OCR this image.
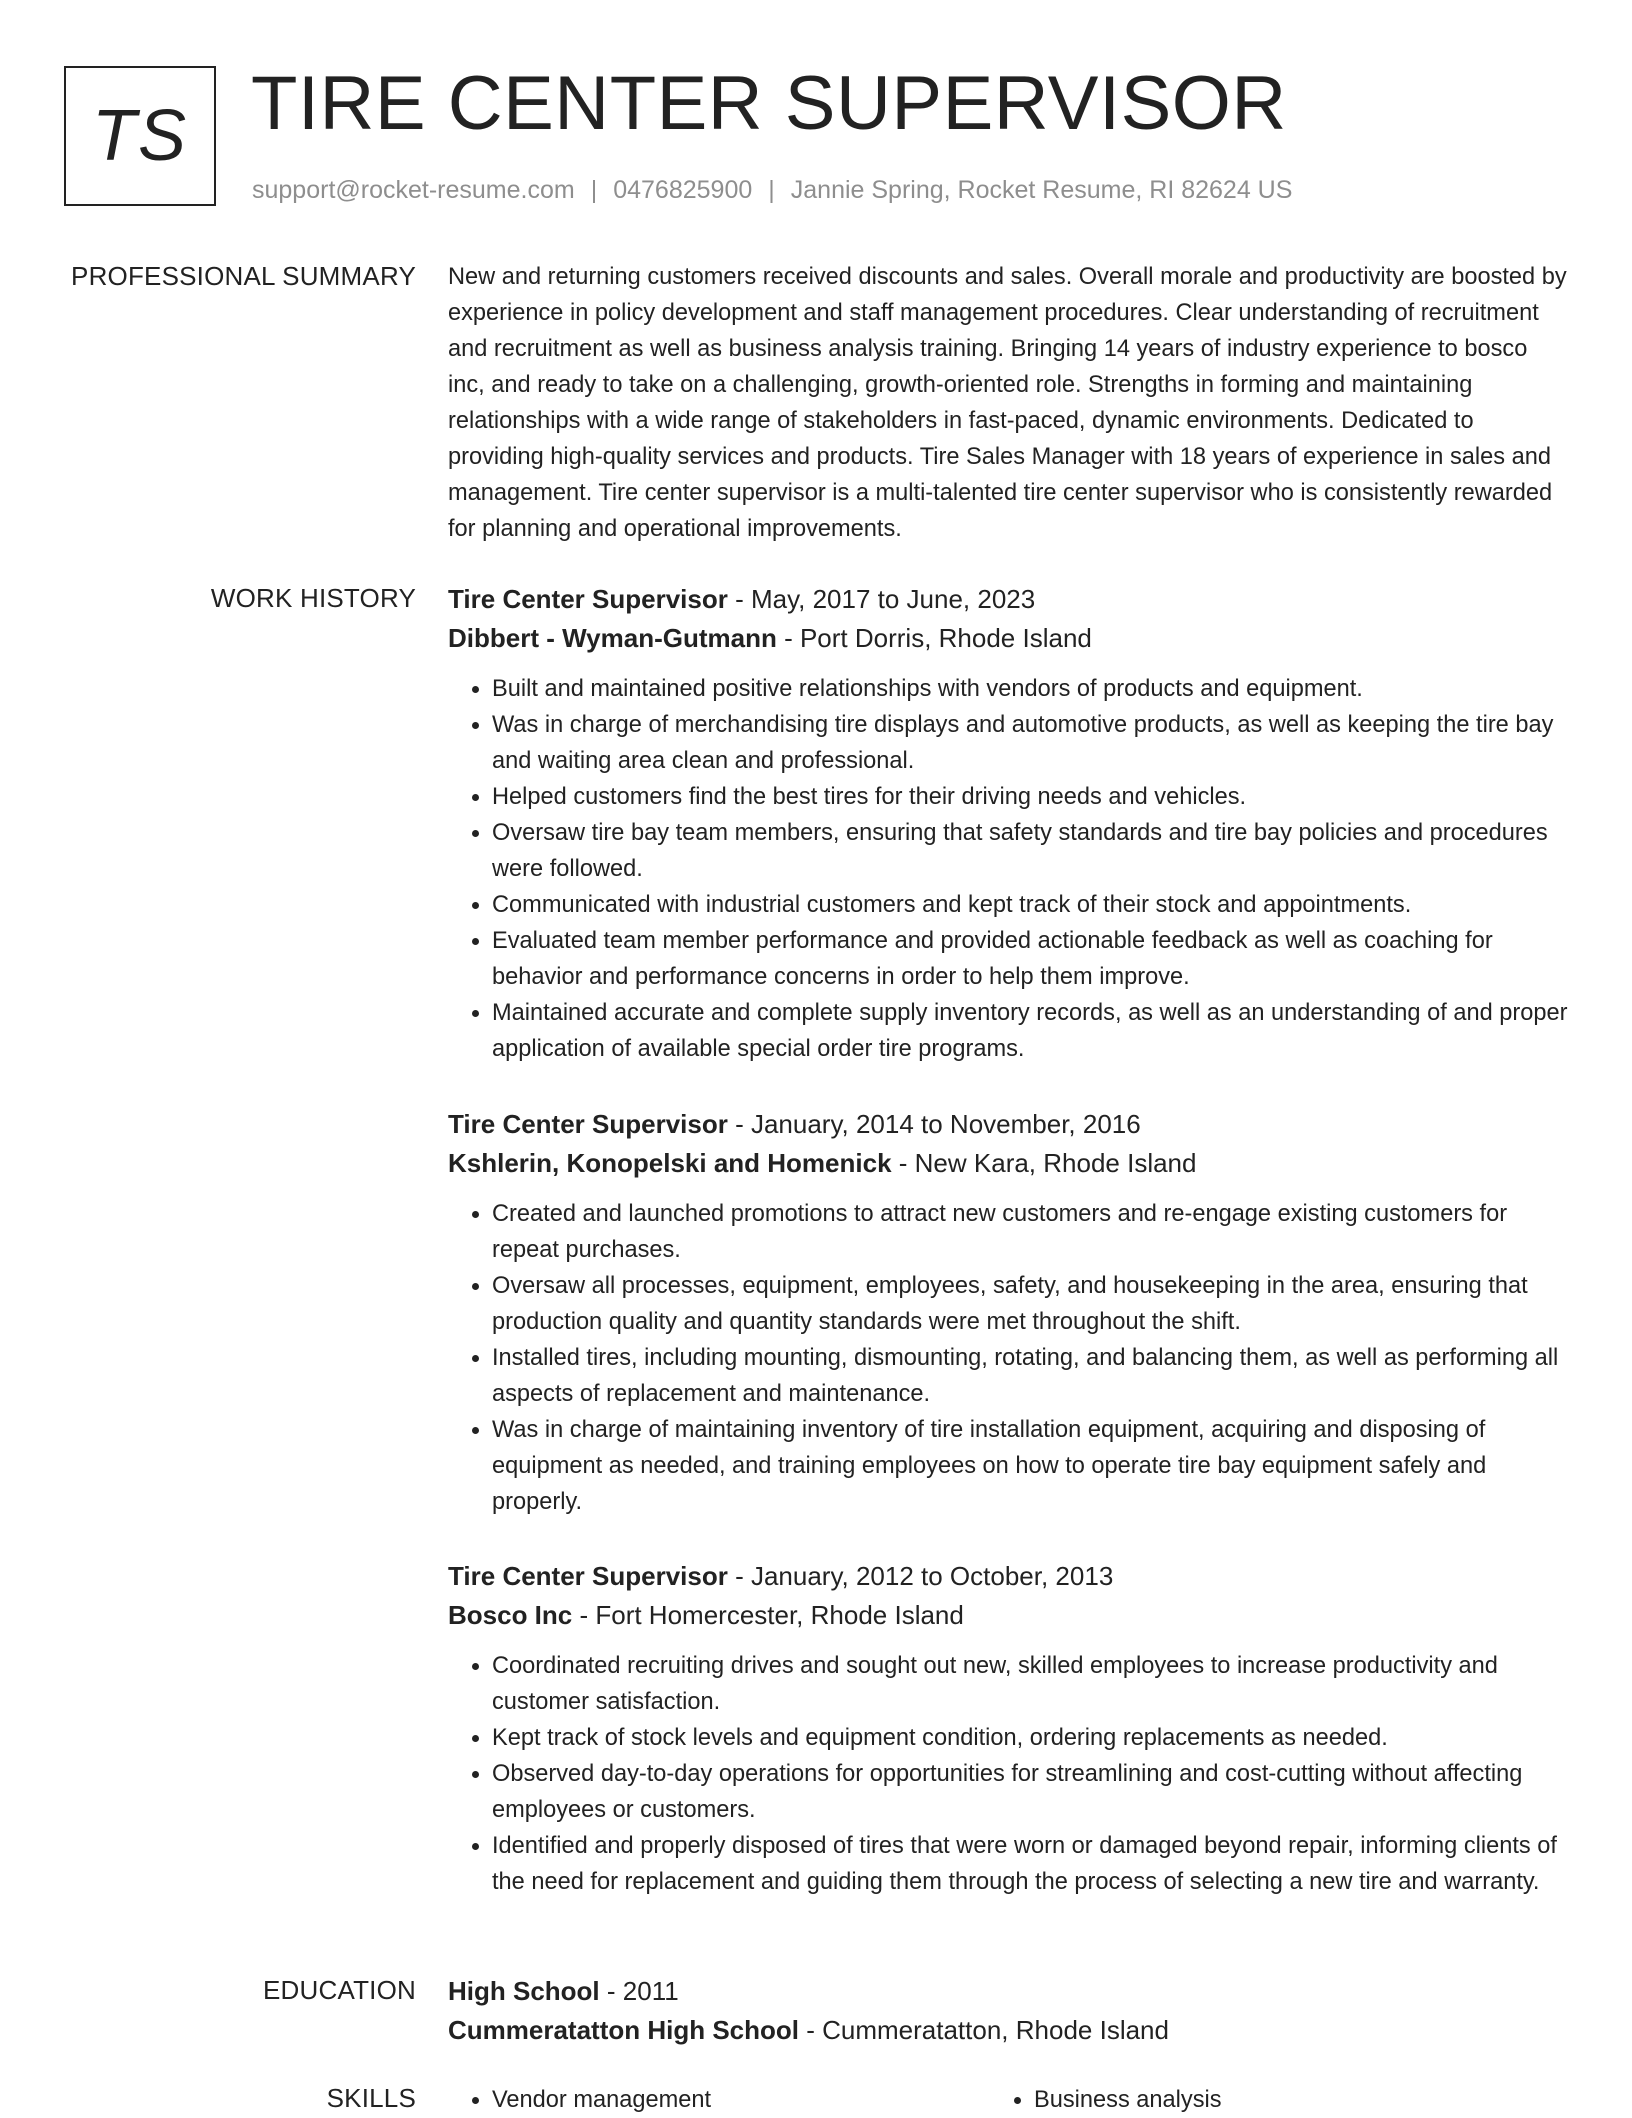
TS TIRE CENTER SUPERVISOR
support@rocket-resume.com | 0476825900 | Jannie Spring, Rocket Resume, RI 82624 US
PROFESSIONAL SUMMARY New and returning customers received discounts and sales. Overall morale and productivity are boosted by experience in policy development and staff management procedures. Clear understanding of recruitment and recruitment as well as business analysis training. Bringing 14 years of industry experience to bosco inc, and ready to take on a challenging, growth-oriented role. Strengths in forming and maintaining relationships with a wide range of stakeholders in fast-paced, dynamic environments. Dedicated to providing high-quality services and products. Tire Sales Manager with 18 years of experience in sales and management. Tire center supervisor is a multi-talented tire center supervisor who is consistently rewarded for planning and operational improvements.
WORK HISTORY Tire Center Supervisor - May, 2017 to June, 2023
Dibbert - Wyman-Gutmann - Port Dorris, Rhode Island
• Built and maintained positive relationships with vendors of products and equipment.
• Was in charge of merchandising tire displays and automotive products, as well as keeping the tire bay and waiting area clean and professional.
• Helped customers find the best tires for their driving needs and vehicles.
• Oversaw tire bay team members, ensuring that safety standards and tire bay policies and procedures were followed.
• Communicated with industrial customers and kept track of their stock and appointments.
• Evaluated team member performance and provided actionable feedback as well as coaching for behavior and performance concerns in order to help them improve.
• Maintained accurate and complete supply inventory records, as well as an understanding of and proper application of available special order tire programs.
Tire Center Supervisor - January, 2014 to November, 2016
Kshlerin, Konopelski and Homenick - New Kara, Rhode Island
• Created and launched promotions to attract new customers and re-engage existing customers for repeat purchases.
• Oversaw all processes, equipment, employees, safety, and housekeeping in the area, ensuring that production quality and quantity standards were met throughout the shift.
• Installed tires, including mounting, dismounting, rotating, and balancing them, as well as performing all aspects of replacement and maintenance.
• Was in charge of maintaining inventory of tire installation equipment, acquiring and disposing of equipment as needed, and training employees on how to operate tire bay equipment safely and properly.
Tire Center Supervisor - January, 2012 to October, 2013
Bosco Inc - Fort Homercester, Rhode Island
• Coordinated recruiting drives and sought out new, skilled employees to increase productivity and customer satisfaction.
• Kept track of stock levels and equipment condition, ordering replacements as needed.
• Observed day-to-day operations for opportunities for streamlining and cost-cutting without affecting employees or customers.
• Identified and properly disposed of tires that were worn or damaged beyond repair, informing clients of the need for replacement and guiding them through the process of selecting a new tire and warranty.
EDUCATION High School - 2011
Cummeratatton High School - Cummeratatton, Rhode Island
SKILLS	• Vendor management	• Business analysis
